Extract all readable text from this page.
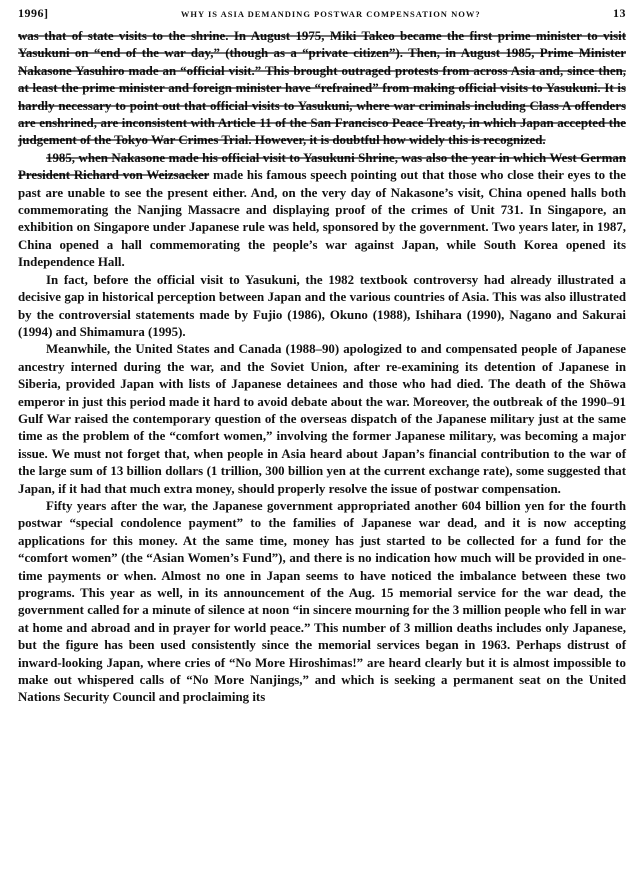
1996]	WHY IS ASIA DEMANDING POSTWAR COMPENSATION NOW?	13

was that of state visits to the shrine. In August 1975, Miki Takeo became the first prime minister to visit Yasukuni on “end of the war day,” (though as a “private citizen”). Then, in August 1985, Prime Minister Nakasone Yasuhiro made an “official visit.” This brought outraged protests from across Asia and, since then, at least the prime minister and foreign minister have “refrained” from making official visits to Yasukuni. It is hardly necessary to point out that official visits to Yasukuni, where war criminals including Class A offenders are enshrined, are inconsistent with Article 11 of the San Francisco Peace Treaty, in which Japan accepted the judgement of the Tokyo War Crimes Trial. However, it is doubtful how widely this is recognized.

1985, when Nakasone made his official visit to Yasukuni Shrine, was also the year in which West German President Richard von Weizsacker made his famous speech pointing out that those who close their eyes to the past are unable to see the present either. And, on the very day of Nakasone’s visit, China opened halls both commemorating the Nanjing Massacre and displaying proof of the crimes of Unit 731. In Singapore, an exhibition on Singapore under Japanese rule was held, sponsored by the government. Two years later, in 1987, China opened a hall commemorating the people’s war against Japan, while South Korea opened its Independence Hall.

In fact, before the official visit to Yasukuni, the 1982 textbook controversy had already illustrated a decisive gap in historical perception between Japan and the various countries of Asia. This was also illustrated by the controversial statements made by Fujio (1986), Okuno (1988), Ishihara (1990), Nagano and Sakurai (1994) and Shimamura (1995).

Meanwhile, the United States and Canada (1988–90) apologized to and compensated people of Japanese ancestry interned during the war, and the Soviet Union, after re-examining its detention of Japanese in Siberia, provided Japan with lists of Japanese detainees and those who had died. The death of the Shōwa emperor in just this period made it hard to avoid debate about the war. Moreover, the outbreak of the 1990–91 Gulf War raised the contemporary question of the overseas dispatch of the Japanese military just at the same time as the problem of the “comfort women,” involving the former Japanese military, was becoming a major issue. We must not forget that, when people in Asia heard about Japan’s financial contribution to the war of the large sum of 13 billion dollars (1 trillion, 300 billion yen at the current exchange rate), some suggested that Japan, if it had that much extra money, should properly resolve the issue of postwar compensation.

Fifty years after the war, the Japanese government appropriated another 604 billion yen for the fourth postwar “special condolence payment” to the families of Japanese war dead, and it is now accepting applications for this money. At the same time, money has just started to be collected for a fund for the “comfort women” (the “Asian Women’s Fund”), and there is no indication how much will be provided in one-time payments or when. Almost no one in Japan seems to have noticed the imbalance between these two programs. This year as well, in its announcement of the Aug. 15 memorial service for the war dead, the government called for a minute of silence at noon “in sincere mourning for the 3 million people who fell in war at home and abroad and in prayer for world peace.” This number of 3 million deaths includes only Japanese, but the figure has been used consistently since the memorial services began in 1963. Perhaps distrust of inward-looking Japan, where cries of “No More Hiroshimas!” are heard clearly but it is almost impossible to make out whispered calls of “No More Nanjings,” and which is seeking a permanent seat on the United Nations Security Council and proclaiming its
